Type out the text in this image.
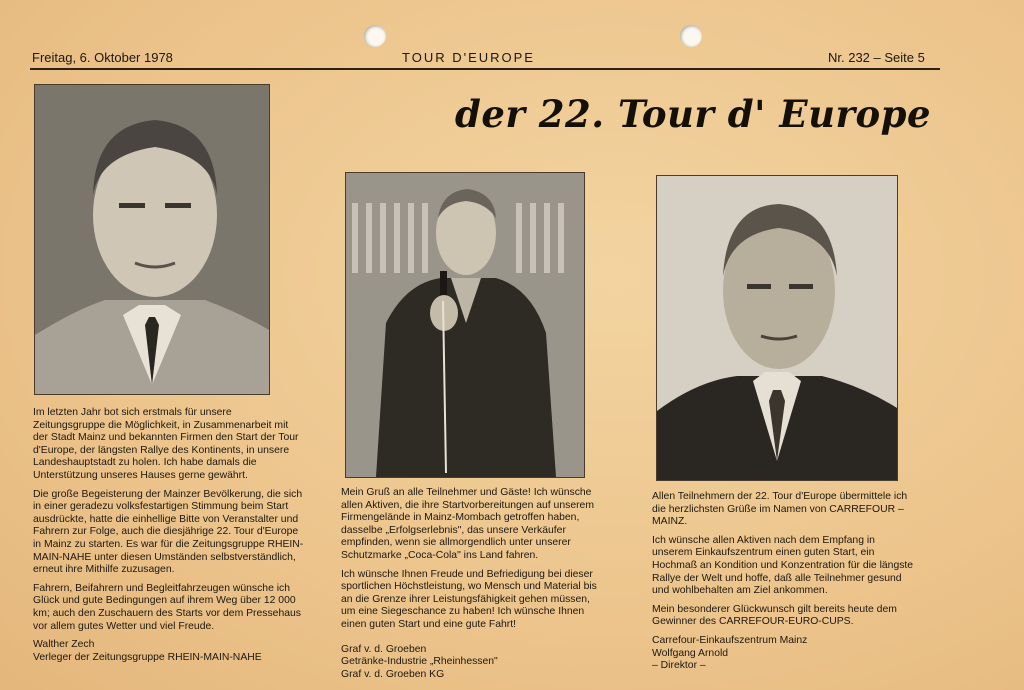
Freitag, 6. Oktober 1978	TOUR D'EUROPE	Nr. 232 – Seite 5
der 22. Tour d' Europe

Im letzten Jahr bot sich erstmals für unsere Zeitungsgruppe die Möglichkeit, in Zusammenarbeit mit der Stadt Mainz und bekannten Firmen den Start der Tour d'Europe, der längsten Rallye des Kontinents, in unsere Landeshauptstadt zu holen. Ich habe damals die Unterstützung unseres Hauses gerne gewährt.

Die große Begeisterung der Mainzer Bevölkerung, die sich in einer geradezu volksfestartigen Stimmung beim Start ausdrückte, hatte die einhellige Bitte von Veranstalter und Fahrern zur Folge, auch die diesjährige 22. Tour d'Europe in Mainz zu starten. Es war für die Zeitungsgruppe RHEIN-MAIN-NAHE unter diesen Umständen selbstverständlich, erneut ihre Mithilfe zuzusagen.

Fahrern, Beifahrern und Begleitfahrzeugen wünsche ich Glück und gute Bedingungen auf ihrem Weg über 12 000 km; auch den Zuschauern des Starts vor dem Pressehaus vor allem gutes Wetter und viel Freude.

Walther Zech

Verleger der Zeitungsgruppe RHEIN-MAIN-NAHE

Mein Gruß an alle Teilnehmer und Gäste! Ich wünsche allen Aktiven, die ihre Startvorbereitungen auf unserem Firmengelände in Mainz-Mombach getroffen haben, dasselbe „Erfolgserlebnis", das unsere Verkäufer empfinden, wenn sie allmorgendlich unter unserer Schutzmarke „Coca-Cola" ins Land fahren.

Ich wünsche Ihnen Freude und Befriedigung bei dieser sportlichen Höchstleistung, wo Mensch und Material bis an die Grenze ihrer Leistungsfähigkeit gehen müssen, um eine Siegeschance zu haben! Ich wünsche Ihnen einen guten Start und eine gute Fahrt!

Graf v. d. Groeben

Getränke-Industrie „Rheinhessen"

Graf v. d. Groeben KG

Allen Teilnehmern der 22. Tour d'Europe übermittele ich die herzlichsten Grüße im Namen von CARREFOUR – MAINZ.

Ich wünsche allen Aktiven nach dem Empfang in unserem Einkaufszentrum einen guten Start, ein Hochmaß an Kondition und Konzentration für die längste Rallye der Welt und hoffe, daß alle Teilnehmer gesund und wohlbehalten am Ziel ankommen.

Mein besonderer Glückwunsch gilt bereits heute dem Gewinner des CARREFOUR-EURO-CUPS.

Carrefour-Einkaufszentrum Mainz

Wolfgang Arnold

– Direktor –
